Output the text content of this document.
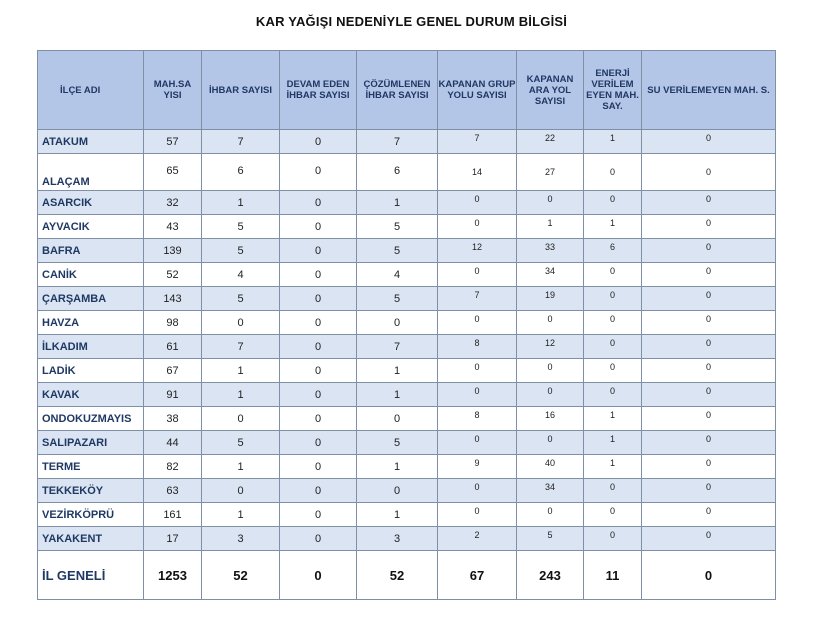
KAR YAĞIŞI NEDENİYLE GENEL DURUM BİLGİSİ
İLÇE ADI	MAH.SA YISI	İHBAR SAYISI	DEVAM EDEN İHBAR SAYISI	ÇÖZÜMLENEN İHBAR SAYISI	KAPANAN GRUP YOLU SAYISI	KAPANAN ARA YOL SAYISI	ENERJİ VERİLEM EYEN MAH. SAY.	SU VERİLEMEYEN MAH. S.
ATAKUM	57	7	0	7	7	22	1	0
ALAÇAM	65	6	0	6	14	27	0	0
ASARCIK	32	1	0	1	0	0	0	0
AYVACIK	43	5	0	5	0	1	1	0
BAFRA	139	5	0	5	12	33	6	0
CANİK	52	4	0	4	0	34	0	0
ÇARŞAMBA	143	5	0	5	7	19	0	0
HAVZA	98	0	0	0	0	0	0	0
İLKADIM	61	7	0	7	8	12	0	0
LADİK	67	1	0	1	0	0	0	0
KAVAK	91	1	0	1	0	0	0	0
ONDOKUZMAYIS	38	0	0	0	8	16	1	0
SALIPAZARI	44	5	0	5	0	0	1	0
TERME	82	1	0	1	9	40	1	0
TEKKEKÖY	63	0	0	0	0	34	0	0
VEZİRKÖPRÜ	161	1	0	1	0	0	0	0
YAKAKENT	17	3	0	3	2	5	0	0
İL GENELİ	1253	52	0	52	67	243	11	0
